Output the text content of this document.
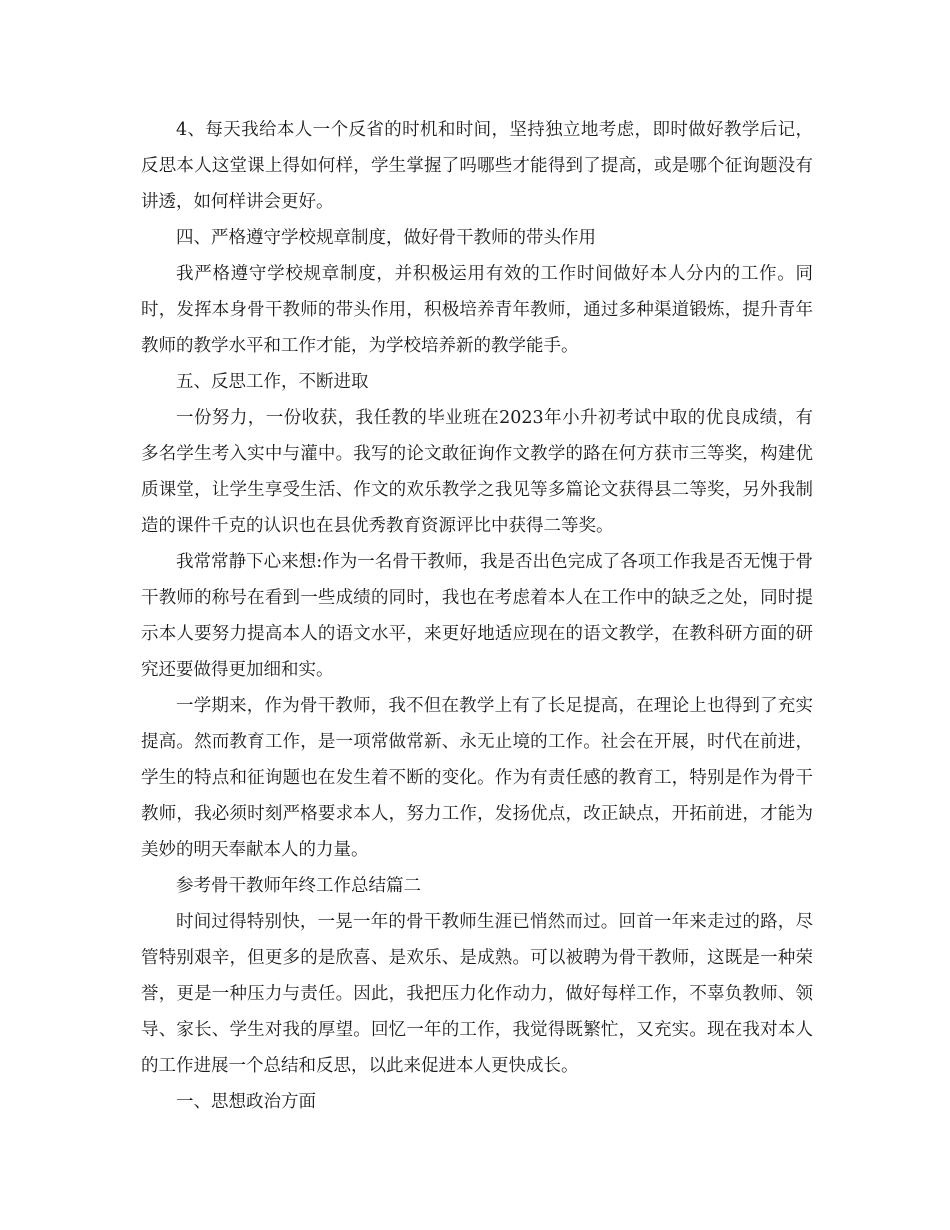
4、每天我给本人一个反省的时机和时间，坚持独立地考虑，即时做好教学后记，反思本人这堂课上得如何样，学生掌握了吗哪些才能得到了提高，或是哪个征询题没有讲透，如何样讲会更好。

四、严格遵守学校规章制度，做好骨干教师的带头作用

我严格遵守学校规章制度，并积极运用有效的工作时间做好本人分内的工作。同时，发挥本身骨干教师的带头作用，积极培养青年教师，通过多种渠道锻炼，提升青年教师的教学水平和工作才能，为学校培养新的教学能手。

五、反思工作，不断进取

一份努力，一份收获，我任教的毕业班在2023年小升初考试中取的优良成绩，有多名学生考入实中与灌中。我写的论文敢征询作文教学的路在何方获市三等奖，构建优质课堂，让学生享受生活、作文的欢乐教学之我见等多篇论文获得县二等奖，另外我制造的课件千克的认识也在县优秀教育资源评比中获得二等奖。

我常常静下心来想:作为一名骨干教师，我是否出色完成了各项工作我是否无愧于骨干教师的称号在看到一些成绩的同时，我也在考虑着本人在工作中的缺乏之处，同时提示本人要努力提高本人的语文水平，来更好地适应现在的语文教学，在教科研方面的研究还要做得更加细和实。

一学期来，作为骨干教师，我不但在教学上有了长足提高，在理论上也得到了充实提高。然而教育工作，是一项常做常新、永无止境的工作。社会在开展，时代在前进，学生的特点和征询题也在发生着不断的变化。作为有责任感的教育工，特别是作为骨干教师，我必须时刻严格要求本人，努力工作，发扬优点，改正缺点，开拓前进，才能为美妙的明天奉献本人的力量。

参考骨干教师年终工作总结篇二

时间过得特别快，一晃一年的骨干教师生涯已悄然而过。回首一年来走过的路，尽管特别艰辛，但更多的是欣喜、是欢乐、是成熟。可以被聘为骨干教师，这既是一种荣誉，更是一种压力与责任。因此，我把压力化作动力，做好每样工作，不辜负教师、领导、家长、学生对我的厚望。回忆一年的工作，我觉得既繁忙，又充实。现在我对本人的工作进展一个总结和反思，以此来促进本人更快成长。

一、思想政治方面
